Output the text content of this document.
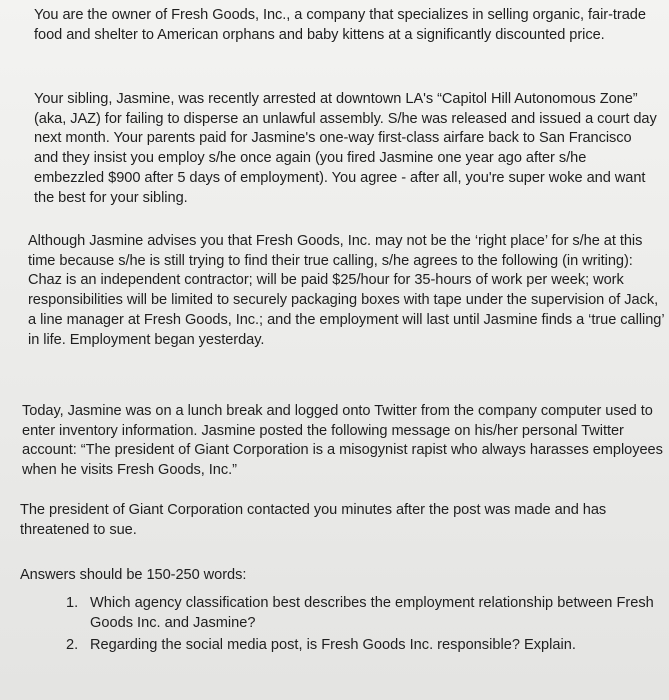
You are the owner of Fresh Goods, Inc., a company that specializes in selling organic, fair-trade food and shelter to American orphans and baby kittens at a significantly discounted price.

Your sibling, Jasmine, was recently arrested at downtown LA's “Capitol Hill Autonomous Zone” (aka, JAZ) for failing to disperse an unlawful assembly. S/he was released and issued a court day next month. Your parents paid for Jasmine's one-way first-class airfare back to San Francisco and they insist you employ s/he once again (you fired Jasmine one year ago after s/he embezzled $900 after 5 days of employment). You agree - after all, you're super woke and want the best for your sibling.

Although Jasmine advises you that Fresh Goods, Inc. may not be the ‘right place’ for s/he at this time because s/he is still trying to find their true calling, s/he agrees to the following (in writing): Chaz is an independent contractor; will be paid $25/hour for 35-hours of work per week; work responsibilities will be limited to securely packaging boxes with tape under the supervision of Jack, a line manager at Fresh Goods, Inc.; and the employment will last until Jasmine finds a ‘true calling’ in life. Employment began yesterday.

Today, Jasmine was on a lunch break and logged onto Twitter from the company computer used to enter inventory information. Jasmine posted the following message on his/her personal Twitter account: “The president of Giant Corporation is a misogynist rapist who always harasses employees when he visits Fresh Goods, Inc.”

The president of Giant Corporation contacted you minutes after the post was made and has threatened to sue.

Answers should be 150-250 words:

1. Which agency classification best describes the employment relationship between Fresh Goods Inc. and Jasmine?
2. Regarding the social media post, is Fresh Goods Inc. responsible? Explain.
